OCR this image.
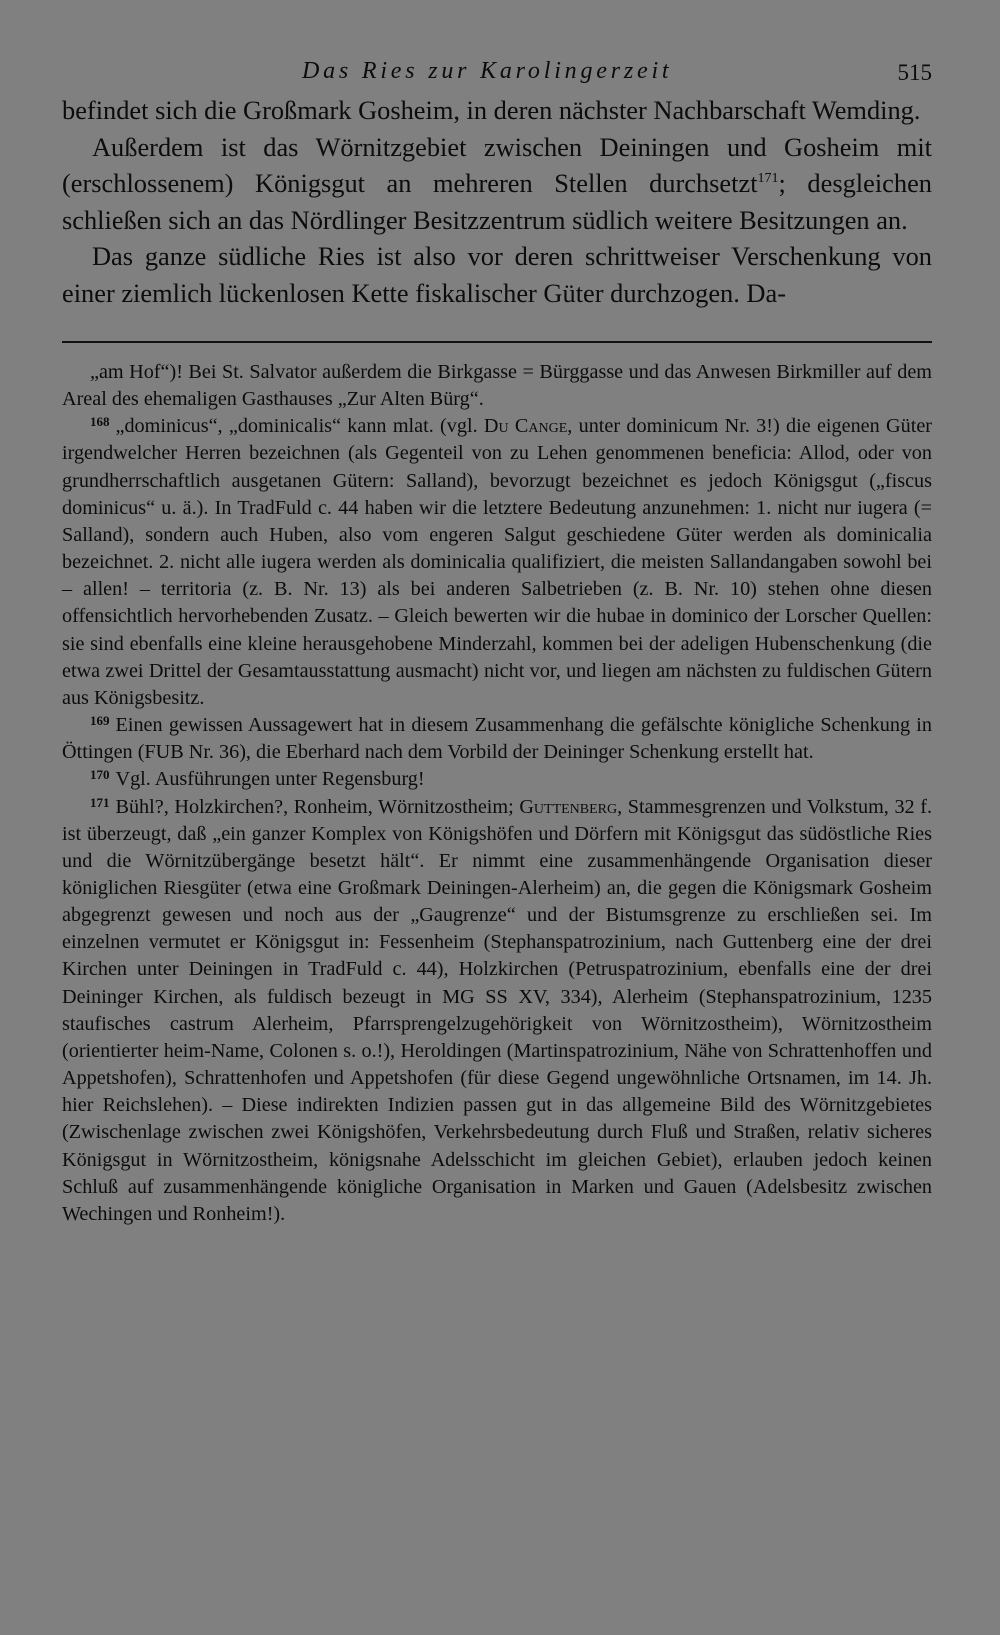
Das Ries zur Karolingerzeit	515

befindet sich die Großmark Gosheim, in deren nächster Nachbarschaft Wemding.

Außerdem ist das Wörnitzgebiet zwischen Deiningen und Gosheim mit (erschlossenem) Königsgut an mehreren Stellen durchsetzt$^{171}$; desgleichen schließen sich an das Nördlinger Besitzzentrum südlich weitere Besitzungen an.

Das ganze südliche Ries ist also vor deren schrittweiser Verschenkung von einer ziemlich lückenlosen Kette fiskalischer Güter durchzogen. Da-

„am Hof“)! Bei St. Salvator außerdem die Birkgasse = Bürggasse und das Anwesen Birkmiller auf dem Areal des ehemaligen Gasthauses „Zur Alten Bürg“.

$^{168}$ „dominicus“, „dominicalis“ kann mlat. (vgl. Du Cange, unter dominicum Nr. 3!) die eigenen Güter irgendwelcher Herren bezeichnen (als Gegenteil von zu Lehen genommenen beneficia: Allod, oder von grundherrschaftlich ausgetanen Gütern: Salland), bevorzugt bezeichnet es jedoch Königsgut („fiscus dominicus“ u. ä.). In TradFuld c. 44 haben wir die letztere Bedeutung anzunehmen: 1. nicht nur iugera (= Salland), sondern auch Huben, also vom engeren Salgut geschiedene Güter werden als dominicalia bezeichnet. 2. nicht alle iugera werden als dominicalia qualifiziert, die meisten Sallandangaben sowohl bei – allen! – territoria (z. B. Nr. 13) als bei anderen Salbetrieben (z. B. Nr. 10) stehen ohne diesen offensichtlich hervorhebenden Zusatz. – Gleich bewerten wir die hubae in dominico der Lorscher Quellen: sie sind ebenfalls eine kleine herausgehobene Minderzahl, kommen bei der adeligen Hubenschenkung (die etwa zwei Drittel der Gesamtausstattung ausmacht) nicht vor, und liegen am nächsten zu fuldischen Gütern aus Königsbesitz.

$^{169}$ Einen gewissen Aussagewert hat in diesem Zusammenhang die gefälschte königliche Schenkung in Öttingen (FUB Nr. 36), die Eberhard nach dem Vorbild der Deininger Schenkung erstellt hat.

$^{170}$ Vgl. Ausführungen unter Regensburg!

$^{171}$ Bühl?, Holzkirchen?, Ronheim, Wörnitzostheim; Guttenberg, Stammesgrenzen und Volkstum, 32 f. ist überzeugt, daß „ein ganzer Komplex von Königshöfen und Dörfern mit Königsgut das südöstliche Ries und die Wörnitzübergänge besetzt hält“. Er nimmt eine zusammenhängende Organisation dieser königlichen Riesgüter (etwa eine Großmark Deiningen-Alerheim) an, die gegen die Königsmark Gosheim abgegrenzt gewesen und noch aus der „Gaugrenze“ und der Bistumsgrenze zu erschließen sei. Im einzelnen vermutet er Königsgut in: Fessenheim (Stephanspatrozinium, nach Guttenberg eine der drei Kirchen unter Deiningen in TradFuld c. 44), Holzkirchen (Petruspatrozinium, ebenfalls eine der drei Deininger Kirchen, als fuldisch bezeugt in MG SS XV, 334), Alerheim (Stephanspatrozinium, 1235 staufisches castrum Alerheim, Pfarrsprengelzugehörigkeit von Wörnitzostheim), Wörnitzostheim (orientierter heim-Name, Colonen s. o.!), Heroldingen (Martinspatrozinium, Nähe von Schrattenhoffen und Appetshofen), Schrattenhofen und Appetshofen (für diese Gegend ungewöhnliche Ortsnamen, im 14. Jh. hier Reichslehen). – Diese indirekten Indizien passen gut in das allgemeine Bild des Wörnitzgebietes (Zwischenlage zwischen zwei Königshöfen, Verkehrsbedeutung durch Fluß und Straßen, relativ sicheres Königsgut in Wörnitzostheim, königsnahe Adelsschicht im gleichen Gebiet), erlauben jedoch keinen Schluß auf zusammenhängende königliche Organisation in Marken und Gauen (Adelsbesitz zwischen Wechingen und Ronheim!).
